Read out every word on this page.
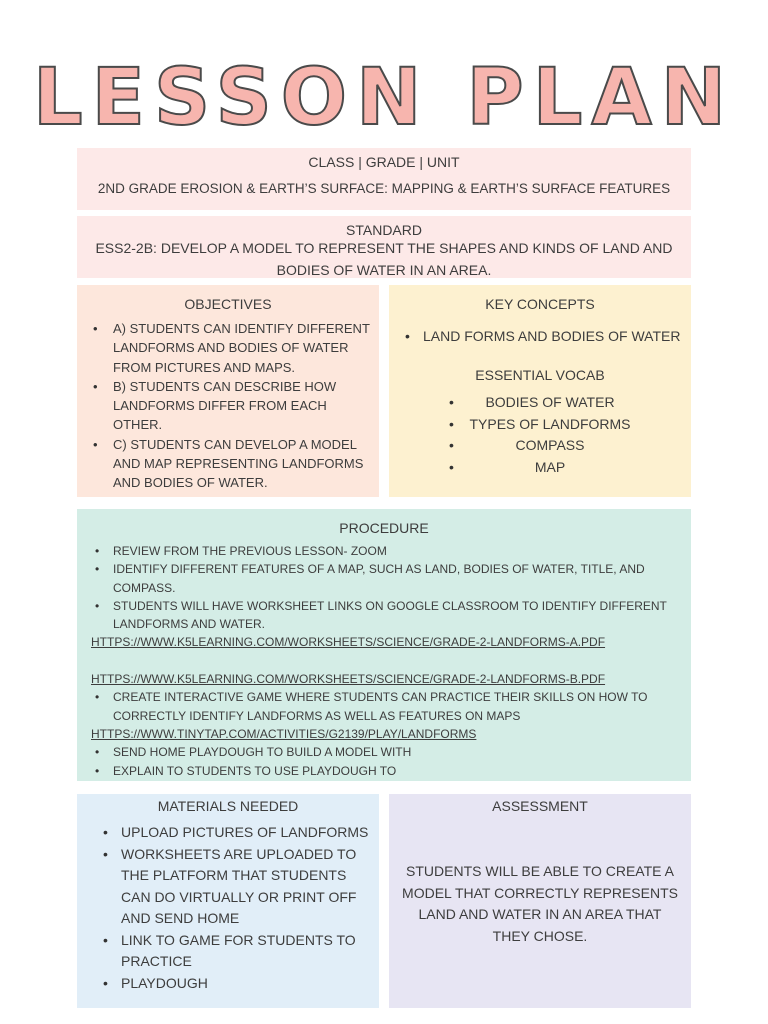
LESSON PLAN
CLASS | GRADE | UNIT
2ND GRADE EROSION & EARTH’S SURFACE: MAPPING & EARTH’S SURFACE FEATURES
STANDARD
ESS2-2B: DEVELOP A MODEL TO REPRESENT THE SHAPES AND KINDS OF LAND AND BODIES OF WATER IN AN AREA.
OBJECTIVES
• A) STUDENTS CAN IDENTIFY DIFFERENT LANDFORMS AND BODIES OF WATER FROM PICTURES AND MAPS.
• B) STUDENTS CAN DESCRIBE HOW LANDFORMS DIFFER FROM EACH OTHER.
• C) STUDENTS CAN DEVELOP A MODEL AND MAP REPRESENTING LANDFORMS AND BODIES OF WATER.
KEY CONCEPTS
• LAND FORMS AND BODIES OF WATER
ESSENTIAL VOCAB
• BODIES OF WATER
• TYPES OF LANDFORMS
• COMPASS
• MAP
PROCEDURE
• REVIEW FROM THE PREVIOUS LESSON- ZOOM
• IDENTIFY DIFFERENT FEATURES OF A MAP, SUCH AS LAND, BODIES OF WATER, TITLE, AND COMPASS.
• STUDENTS WILL HAVE WORKSHEET LINKS ON GOOGLE CLASSROOM TO IDENTIFY DIFFERENT LANDFORMS AND WATER.
HTTPS://WWW.K5LEARNING.COM/WORKSHEETS/SCIENCE/GRADE-2-LANDFORMS-A.PDF
HTTPS://WWW.K5LEARNING.COM/WORKSHEETS/SCIENCE/GRADE-2-LANDFORMS-B.PDF
• CREATE INTERACTIVE GAME WHERE STUDENTS CAN PRACTICE THEIR SKILLS ON HOW TO CORRECTLY IDENTIFY LANDFORMS AS WELL AS FEATURES ON MAPS
HTTPS://WWW.TINYTAP.COM/ACTIVITIES/G2139/PLAY/LANDFORMS
• SEND HOME PLAYDOUGH TO BUILD A MODEL WITH
• EXPLAIN TO STUDENTS TO USE PLAYDOUGH TO
MATERIALS NEEDED
• UPLOAD PICTURES OF LANDFORMS
• WORKSHEETS ARE UPLOADED TO THE PLATFORM THAT STUDENTS CAN DO VIRTUALLY OR PRINT OFF AND SEND HOME
• LINK TO GAME FOR STUDENTS TO PRACTICE
• PLAYDOUGH
ASSESSMENT
STUDENTS WILL BE ABLE TO CREATE A MODEL THAT CORRECTLY REPRESENTS LAND AND WATER IN AN AREA THAT THEY CHOSE.
